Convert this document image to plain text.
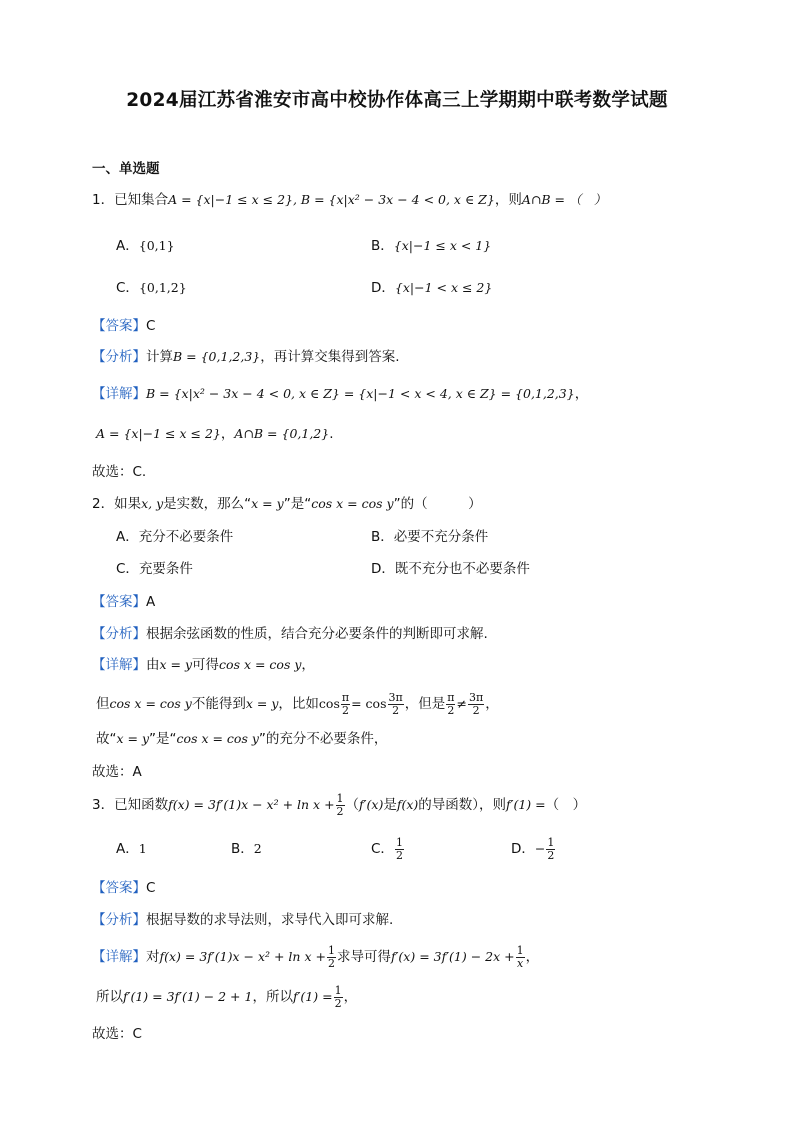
2024届江苏省淮安市高中校协作体高三上学期期中联考数学试题
一、单选题
1．已知集合A = {x|−1 ≤ x ≤ 2}, B = {x|x² − 3x − 4 < 0, x ∈ Z}，则A∩B = （　）
A．{0,1}	B．{x|−1 ≤ x < 1}
C．{0,1,2}	D．{x|−1 < x ≤ 2}
【答案】C
【分析】计算B = {0,1,2,3}，再计算交集得到答案.
【详解】B = {x|x² − 3x − 4 < 0, x ∈ Z} = {x|−1 < x < 4, x ∈ Z} = {0,1,2,3}，
A = {x|−1 ≤ x ≤ 2}，A∩B = {0,1,2}.
故选：C.
2．如果x, y是实数，那么“x = y”是“cos x = cos y”的（　　　）
A．充分不必要条件	B．必要不充分条件
C．充要条件	D．既不充分也不必要条件
【答案】A
【分析】根据余弦函数的性质，结合充分必要条件的判断即可求解.
【详解】由x = y可得cos x = cos y，
但cos x = cos y不能得到x = y，比如$\cos \frac{\pi}{2} = \cos \frac{3\pi}{2}$ ，但是 $\frac{\pi}{2} \ne \frac{3\pi}{2}$ ，
故“x = y”是“cos x = cos y”的充分不必要条件，
故选：A
3．已知函数$f(x) = 3f'(1)x - x^2 + \ln x + \frac{1}{2} (f'(x)$是f(x)的导函数），则f′(1) =（　）
A．1	B．2	C． $\frac{1}{2}$	D．− $\frac{1}{2}$
【答案】C
【分析】根据导数的求导法则，求导代入即可求解.
【详解】对$f(x) = 3f'(1)x - x^2 + \ln x + \frac{1}{2}$ 求导可得$f'(x) = 3f'(1) - 2x + \frac{1}{x}$ ，
所以f′(1) = 3f′(1) − 2 + 1，所以$f'(1) = \frac{1}{2}$ ，
故选：C
